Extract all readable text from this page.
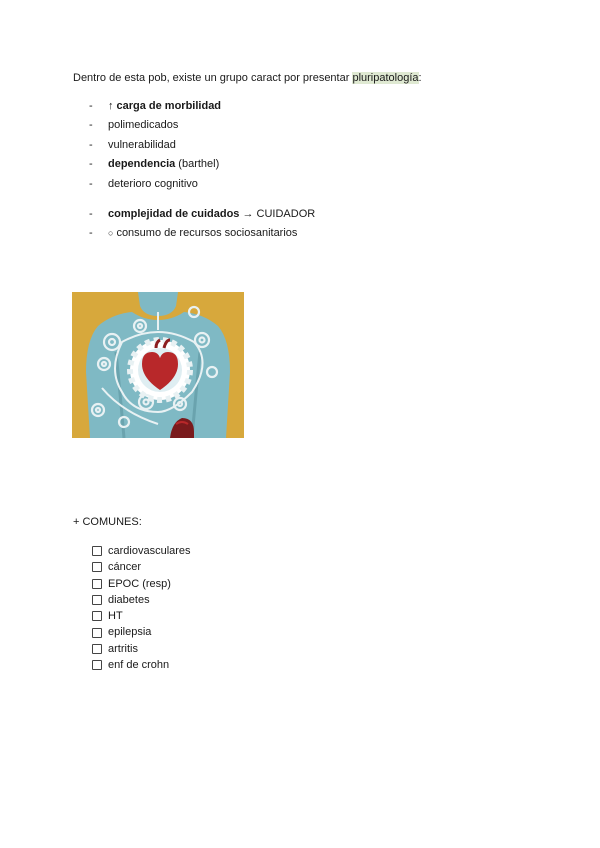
Dentro de esta pob, existe un grupo caract por presentar pluripatología:
- ↑ carga de morbilidad
- polimedicados
- vulnerabilidad
- dependencia (barthel)
- deterioro cognitivo
- complejidad de cuidados → CUIDADOR
- ○ consumo de recursos sociosanitarios
+ COMUNES:
cardiovasculares
cáncer
EPOC (resp)
diabetes
HT
epilepsia
artritis
enf de crohn
